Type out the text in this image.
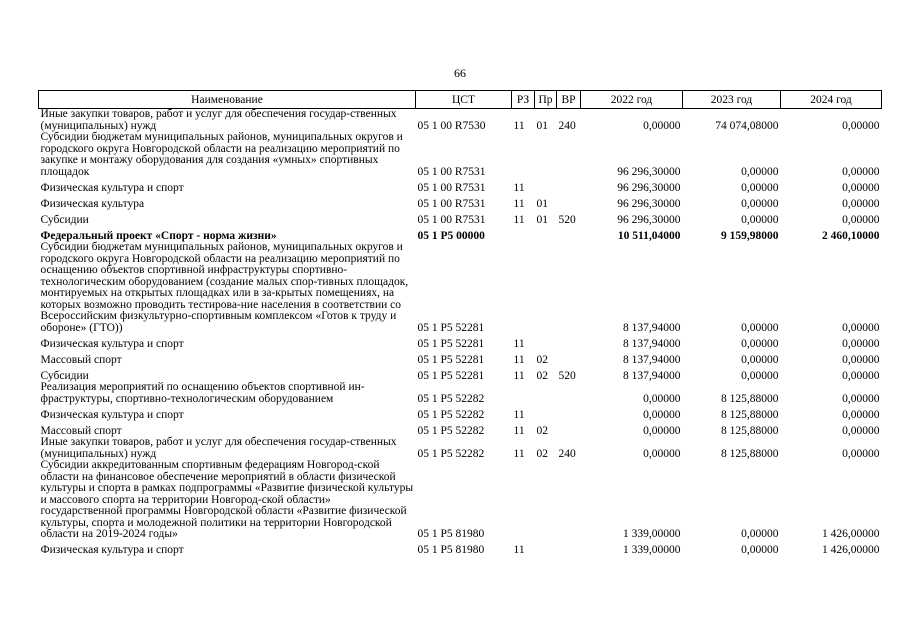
66
Наименование	ЦСТ	РЗ	Пр	ВР	2022 год	2023 год	2024 год
Иные закупки товаров, работ и услуг для обеспечения государ-ственных (муниципальных) нужд	05 1 00 R7530	11	01	240	0,00000	74 074,08000	0,00000
Субсидии бюджетам муниципальных районов, муниципальных округов и городского округа Новгородской области на реализацию мероприятий по закупке и монтажу оборудования для создания «умных» спортивных площадок	05 1 00 R7531				96 296,30000	0,00000	0,00000
Физическая культура и спорт	05 1 00 R7531	11			96 296,30000	0,00000	0,00000
Физическая культура	05 1 00 R7531	11	01		96 296,30000	0,00000	0,00000
Субсидии	05 1 00 R7531	11	01	520	96 296,30000	0,00000	0,00000
Федеральный проект «Спорт - норма жизни»	05 1 P5 00000				10 511,04000	9 159,98000	2 460,10000
Субсидии бюджетам муниципальных районов, муниципальных округов и городского округа Новгородской области на реализацию мероприятий по оснащению объектов спортивной инфраструктуры спортивно-технологическим оборудованием (создание малых спор-тивных площадок, монтируемых на открытых площадках или в за-крытых помещениях, на которых возможно проводить тестирова-ние населения в соответствии со Всероссийским физкультурно-спортивным комплексом «Готов к труду и обороне» (ГТО))	05 1 P5 52281				8 137,94000	0,00000	0,00000
Физическая культура и спорт	05 1 P5 52281	11			8 137,94000	0,00000	0,00000
Массовый спорт	05 1 P5 52281	11	02		8 137,94000	0,00000	0,00000
Субсидии	05 1 P5 52281	11	02	520	8 137,94000	0,00000	0,00000
Реализация мероприятий по оснащению объектов спортивной ин-фраструктуры, спортивно-технологическим оборудованием	05 1 P5 52282				0,00000	8 125,88000	0,00000
Физическая культура и спорт	05 1 P5 52282	11			0,00000	8 125,88000	0,00000
Массовый спорт	05 1 P5 52282	11	02		0,00000	8 125,88000	0,00000
Иные закупки товаров, работ и услуг для обеспечения государ-ственных (муниципальных) нужд	05 1 P5 52282	11	02	240	0,00000	8 125,88000	0,00000
Субсидии аккредитованным спортивным федерациям Новгород-ской области на финансовое обеспечение мероприятий в области физической культуры и спорта в рамках подпрограммы «Развитие физической культуры и массового спорта на территории Новгород-ской области» государственной программы Новгородской области «Развитие физической культуры, спорта и молодежной политики на территории Новгородской области на 2019-2024 годы»	05 1 P5 81980				1 339,00000	0,00000	1 426,00000
Физическая культура и спорт	05 1 P5 81980	11			1 339,00000	0,00000	1 426,00000
